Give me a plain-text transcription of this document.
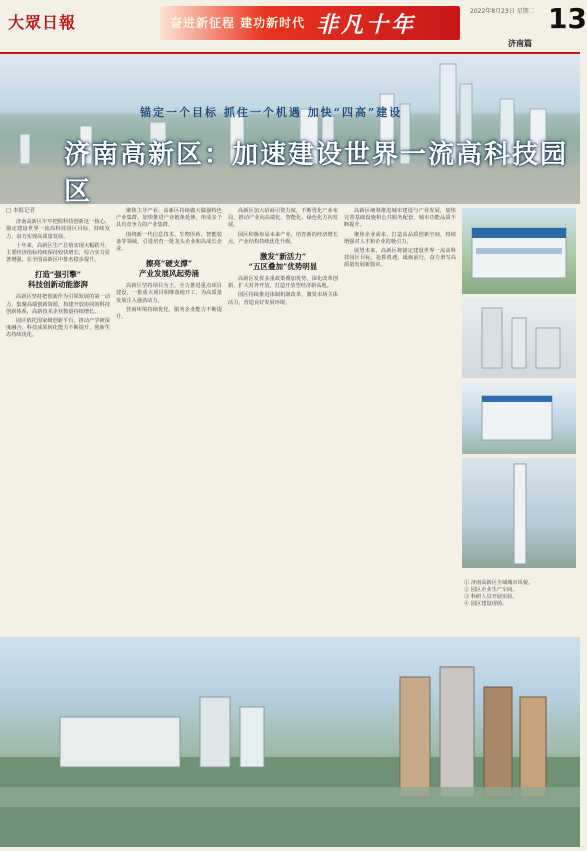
大眾日報	奋进新征程 建功新时代 非凡十年
2022年8月23日 星期二 13
济南篇
锚定一个目标 抓住一个机遇 加快“四高”建设
济南高新区：加速建设世界一流高科技园区
□ 本报记者

济南高新区牢牢把握科技创新这一核心，锚定建设世界一流高科技园区目标，持续发力，奋力实现高质量发展。

十年来，高新区生产总值实现大幅跃升，主要经济指标持续保持较快增长，综合实力显著增强，在全国高新区中排名稳步提升。

打造“强引擎”
科技创新动能澎湃

高新区坚持把创新作为引领发展的第一动力，集聚高端创新资源，构建开放协同的科技创新体系，高新技术企业数量持续增长。

园区依托国家级创新平台，推动产学研深度融合，科技成果转化能力不断提升，创新生态持续优化。

聚焦主导产业，高新区持续做大做强特色产业集群，加快推进产业链条延伸，形成多个具有竞争力的产业集群。

围绕新一代信息技术、生物医药、智能装备等领域，引进培育一批龙头企业和高成长企业。

擦亮“硬支撑”
产业发展风起势涌

高新区坚持项目为王，全力推进重点项目建设，一批重大项目相继落地开工，为高质量发展注入强劲动力。

营商环境持续优化，服务企业能力不断提升。

高新区加大招商引资力度，不断优化产业布局，推动产业向高端化、智能化、绿色化方向发展。

园区积极布局未来产业，培育新的经济增长点，产业结构持续优化升级。

激发“新活力”
“五区叠加”优势明显

高新区发挥多重政策叠加优势，深化改革创新，扩大对外开放，打造开放型经济新高地。

园区持续推进体制机制改革，激发市场主体活力，营造良好发展环境。

高新区统筹推进城市建设与产业发展，加快完善基础设施和公共服务配套，城市功能品质不断提升。

聚焦企业需求，打造高品质创新空间，持续增强对人才和企业的吸引力。

展望未来，高新区将锚定建设世界一流高科技园区目标，抢抓机遇，砥砺前行，奋力谱写高质量发展新篇章。

① 济南高新区全域城市风貌。
② 园区企业生产车间。
③ 科研人员开展实验。
④ 园区建设现场。
